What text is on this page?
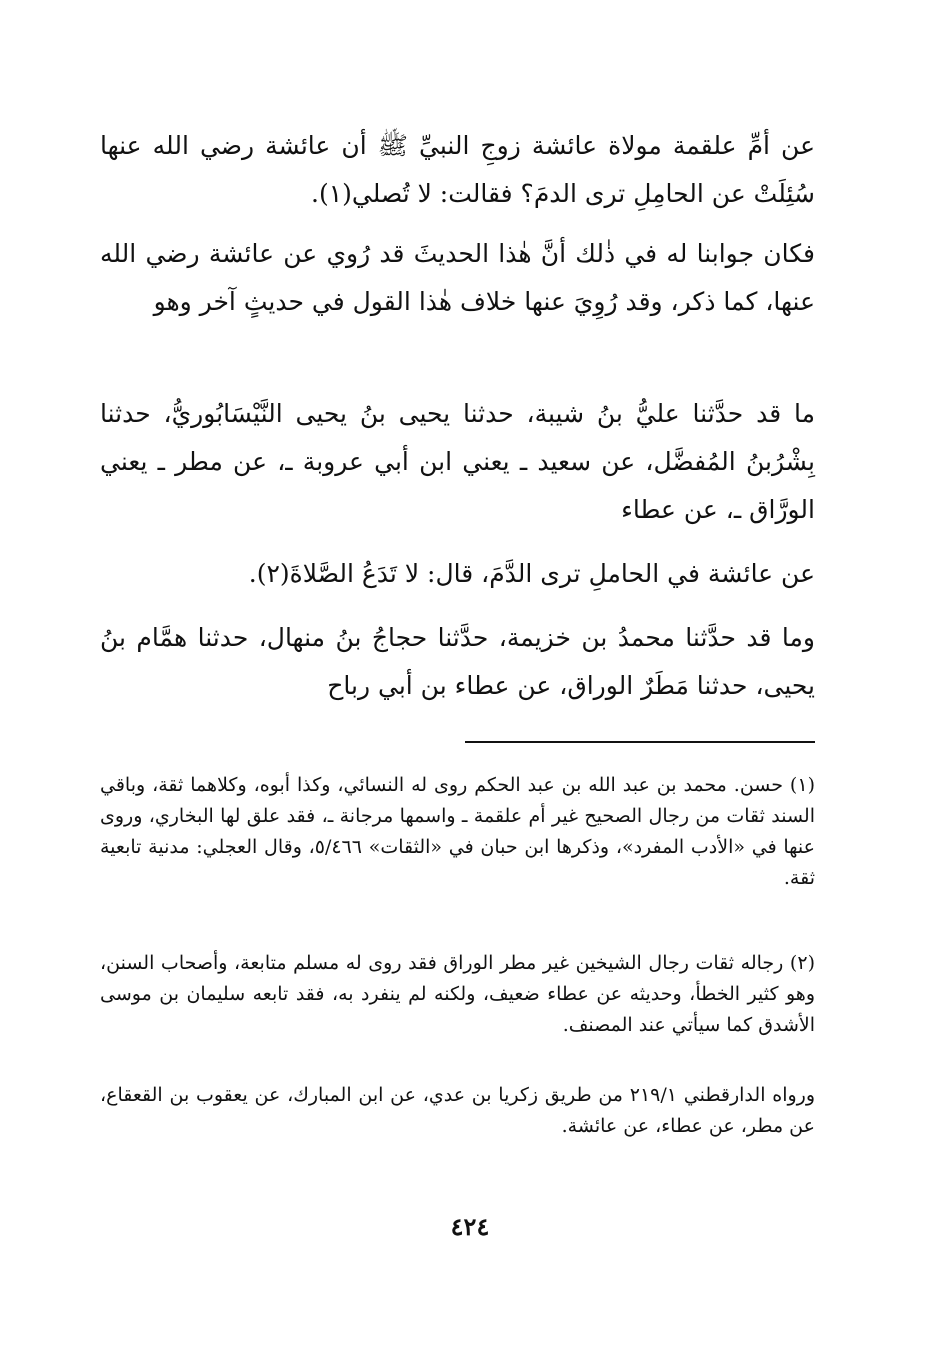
عن أمِّ علقمة مولاة عائشة زوجِ النبيِّ ﷺ أن عائشة رضي الله عنها سُئِلَتْ عن الحامِلِ ترى الدمَ؟ فقالت: لا تُصلي(١).

فكان جوابنا له في ذٰلك أنَّ هٰذا الحديثَ قد رُوي عن عائشة رضي الله عنها، كما ذكر، وقد رُوِيَ عنها خلاف هٰذا القول في حديثٍ آخر وهو

ما قد حدَّثنا عليُّ بنُ شيبة، حدثنا يحيى بنُ يحيى النَّيْسَابُوريُّ، حدثنا بِشْرُبنُ المُفضَّل، عن سعيد ـ يعني ابن أبي عروبة ـ، عن مطر ـ يعني الورَّاق ـ، عن عطاء

عن عائشة في الحاملِ ترى الدَّمَ، قال: لا تَدَعُ الصَّلاةَ(٢).

وما قد حدَّثنا محمدُ بن خزيمة، حدَّثنا حجاجُ بنُ منهال، حدثنا همَّام بنُ يحيى، حدثنا مَطَرٌ الوراق، عن عطاء بن أبي رباح

(١) حسن. محمد بن عبد الله بن عبد الحكم روى له النسائي، وكذا أبوه، وكلاهما ثقة، وباقي السند ثقات من رجال الصحيح غير أم علقمة ـ واسمها مرجانة ـ، فقد علق لها البخاري، وروى عنها في «الأدب المفرد»، وذكرها ابن حبان في «الثقات» ٥/٤٦٦، وقال العجلي: مدنية تابعية ثقة.

(٢) رجاله ثقات رجال الشيخين غير مطر الوراق فقد روى له مسلم متابعة، وأصحاب السنن، وهو كثير الخطأ، وحديثه عن عطاء ضعيف، ولكنه لم ينفرد به، فقد تابعه سليمان بن موسى الأشدق كما سيأتي عند المصنف.

ورواه الدارقطني ٢١٩/١ من طريق زكريا بن عدي، عن ابن المبارك، عن يعقوب بن القعقاع، عن مطر، عن عطاء، عن عائشة.

٤٢٤
